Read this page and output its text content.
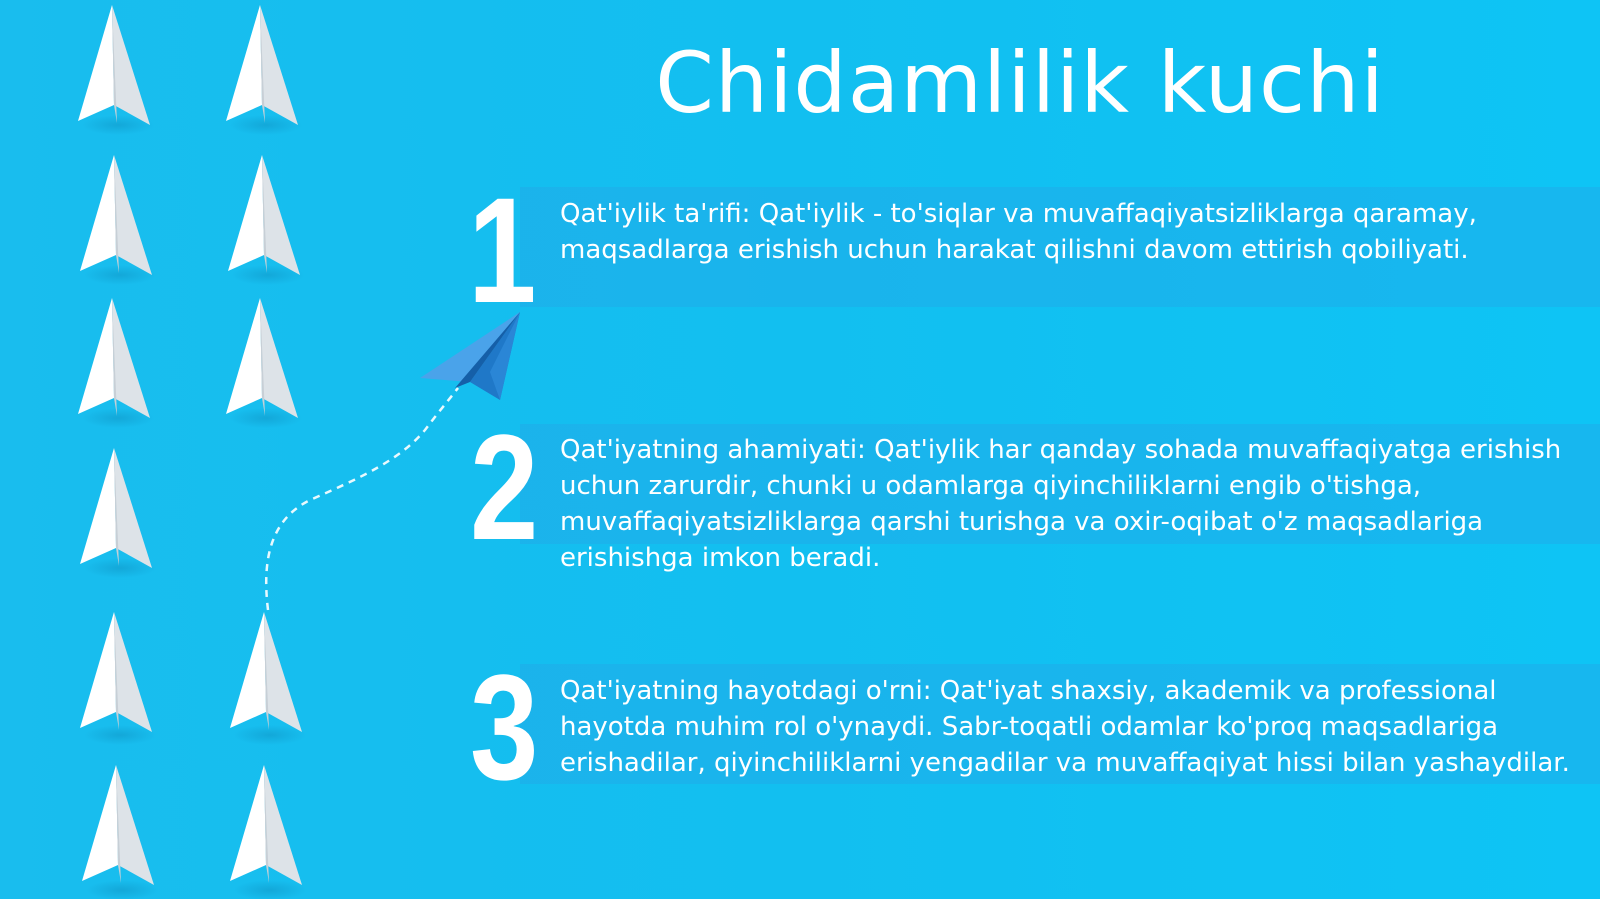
Chidamlilik kuchi
1 Qat'iylik ta'rifi: Qat'iylik - to'siqlar va muvaffaqiyatsizliklarga qaramay, maqsadlarga erishish uchun harakat qilishni davom ettirish qobiliyati.

2 Qat'iyatning ahamiyati: Qat'iylik har qanday sohada muvaffaqiyatga erishish uchun zarurdir, chunki u odamlarga qiyinchiliklarni engib o'tishga, muvaffaqiyatsizliklarga qarshi turishga va oxir-oqibat o'z maqsadlariga erishishga imkon beradi.

3 Qat'iyatning hayotdagi o'rni: Qat'iyat shaxsiy, akademik va professional hayotda muhim rol o'ynaydi. Sabr-toqatli odamlar ko'proq maqsadlariga erishadilar, qiyinchiliklarni yengadilar va muvaffaqiyat hissi bilan yashaydilar.
